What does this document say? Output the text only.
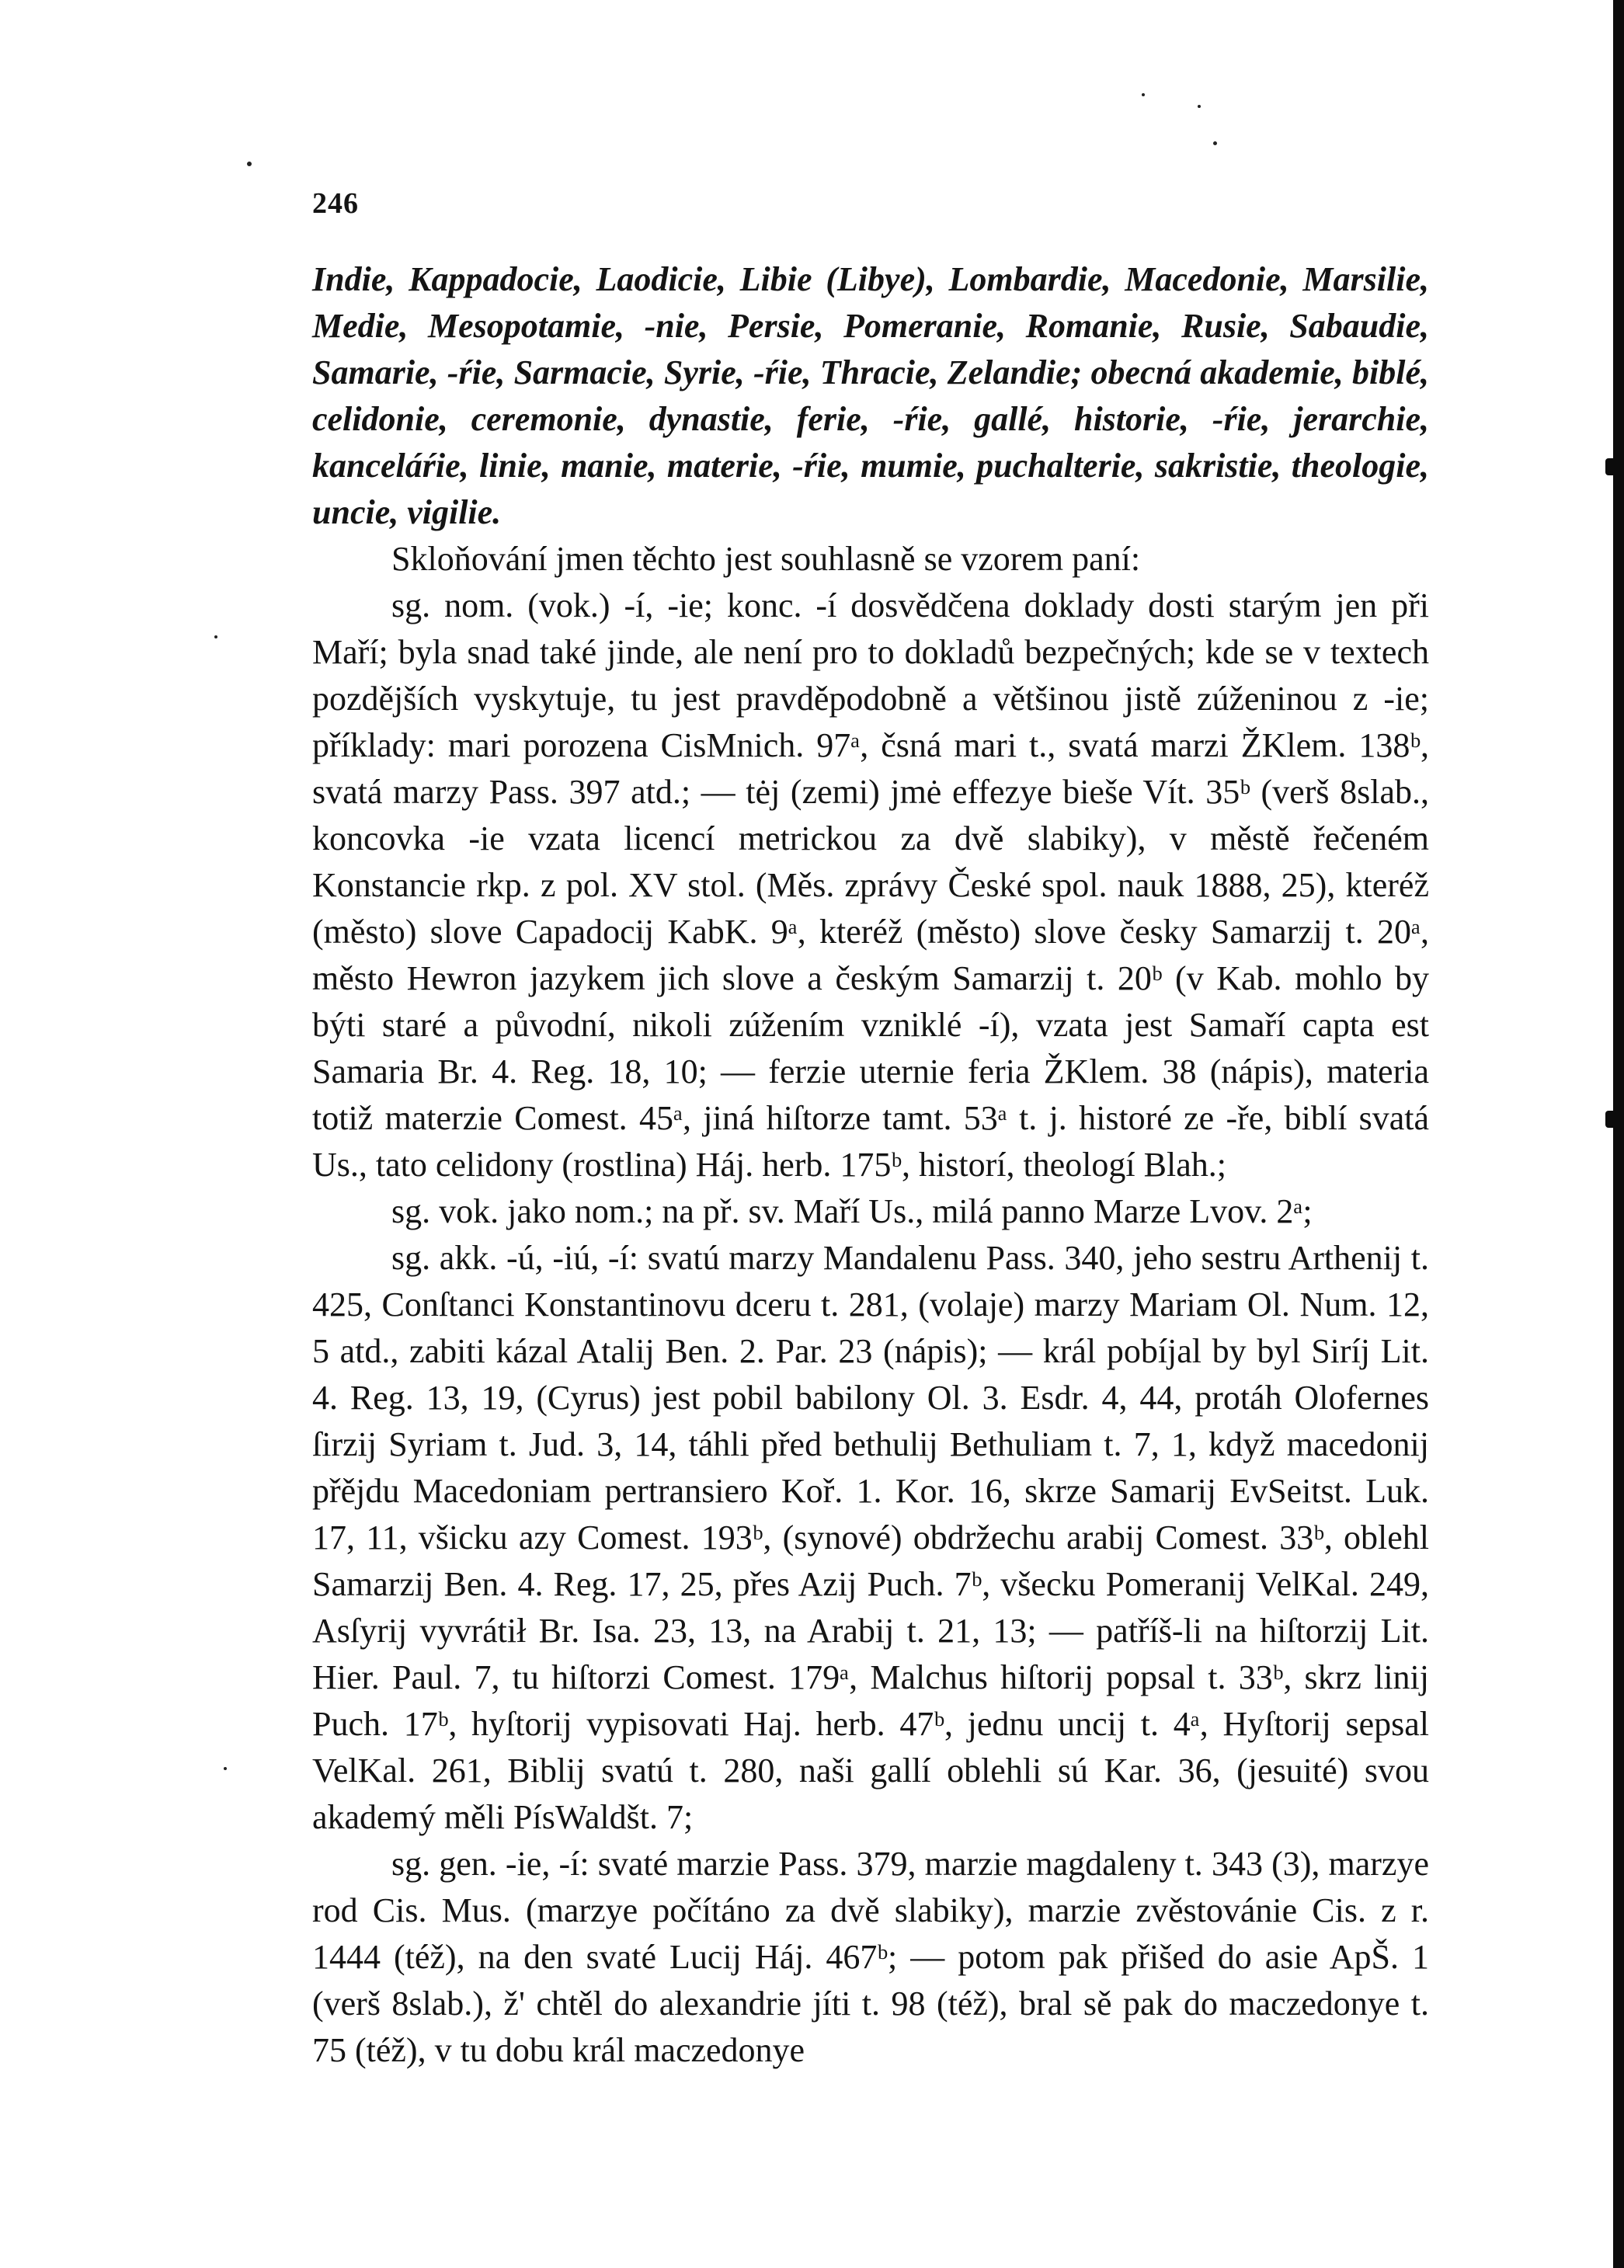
246

Indie, Kappadocie, Laodicie, Libie (Libye), Lombardie, Macedonie, Marsilie, Medie, Mesopotamie, -nie, Persie, Pomeranie, Romanie, Rusie, Sabaudie, Samarie, -ŕie, Sarmacie, Syrie, -ŕie, Thracie, Zelandie; obecná akademie, biblé, celidonie, ceremonie, dynastie, ferie, -ŕie, gallé, historie, -ŕie, jerarchie, kanceláŕie, linie, manie, materie, -ŕie, mumie, puchalterie, sakristie, theologie, uncie, vigilie.

Skloňování jmen těchto jest souhlasně se vzorem paní:

sg. nom. (vok.) -í, -ie; konc. -í dosvědčena doklady dosti starým jen při Maří; byla snad také jinde, ale není pro to dokladů bezpečných; kde se v textech pozdějších vyskytuje, tu jest pravděpodobně a většinou jistě zúženinou z -ie; příklady: mari porozena CisMnich. 97ᵃ, čsná mari t., svatá marzi ŽKlem. 138ᵇ, svatá marzy Pass. 397 atd.; — tėj (zemi) jmė effezye bieše Vít. 35ᵇ (verš 8slab., koncovka -ie vzata licencí metrickou za dvě slabiky), v městě řečeném Konstancie rkp. z pol. XV stol. (Měs. zprávy České spol. nauk 1888, 25), kteréž (město) slove Capadocij KabK. 9ᵃ, kteréž (město) slove česky Samarzij t. 20ᵃ, město Hewron jazykem jich slove a českým Samarzij t. 20ᵇ (v Kab. mohlo by býti staré a původní, nikoli zúžením vzniklé -í), vzata jest Samaří capta est Samaria Br. 4. Reg. 18, 10; — ferzie uternie feria ŽKlem. 38 (nápis), materia totiž materzie Comest. 45ᵃ, jiná hiſtorze tamt. 53ᵃ t. j. historé ze -ře, biblí svatá Us., tato celidony (rostlina) Háj. herb. 175ᵇ, historí, theologí Blah.;

sg. vok. jako nom.; na př. sv. Maří Us., milá panno Marze Lvov. 2ᵃ;

sg. akk. -ú, -iú, -í: svatú marzy Mandalenu Pass. 340, jeho sestru Arthenij t. 425, Conſtanci Konstantinovu dceru t. 281, (volaje) marzy Mariam Ol. Num. 12, 5 atd., zabiti kázal Atalij Ben. 2. Par. 23 (nápis); — král pobíjal by byl Siríj Lit. 4. Reg. 13, 19, (Cyrus) jest pobil babilony Ol. 3. Esdr. 4, 44, protáh Olofernes ſirzij Syriam t. Jud. 3, 14, táhli před bethulij Bethuliam t. 7, 1, když macedonij přějdu Macedoniam pertransiero Koř. 1. Kor. 16, skrze Samarij EvSeitst. Luk. 17, 11, všicku azy Comest. 193ᵇ, (synové) obdržechu arabij Comest. 33ᵇ, oblehl Samarzij Ben. 4. Reg. 17, 25, přes Azij Puch. 7ᵇ, všecku Pomeranij VelKal. 249, Asſyrij vyvrátił Br. Isa. 23, 13, na Arabij t. 21, 13; — patříš-li na hiſtorzij Lit. Hier. Paul. 7, tu hiſtorzi Comest. 179ᵃ, Malchus hiſtorij popsal t. 33ᵇ, skrz linij Puch. 17ᵇ, hyſtorij vypisovati Haj. herb. 47ᵇ, jednu uncij t. 4ᵃ, Hyſtorij sepsal VelKal. 261, Biblij svatú t. 280, naši gallí oblehli sú Kar. 36, (jesuité) svou akademý měli PísWaldšt. 7;

sg. gen. -ie, -í: svaté marzie Pass. 379, marzie magdaleny t. 343 (3), marzye rod Cis. Mus. (marzye počítáno za dvě slabiky), marzie zvěstovánie Cis. z r. 1444 (též), na den svaté Lucij Háj. 467ᵇ; — potom pak přišed do asie ApŠ. 1 (verš 8slab.), ž' chtěl do alexandrie jíti t. 98 (též), bral sě pak do maczedonye t. 75 (též), v tu dobu král maczedonye
